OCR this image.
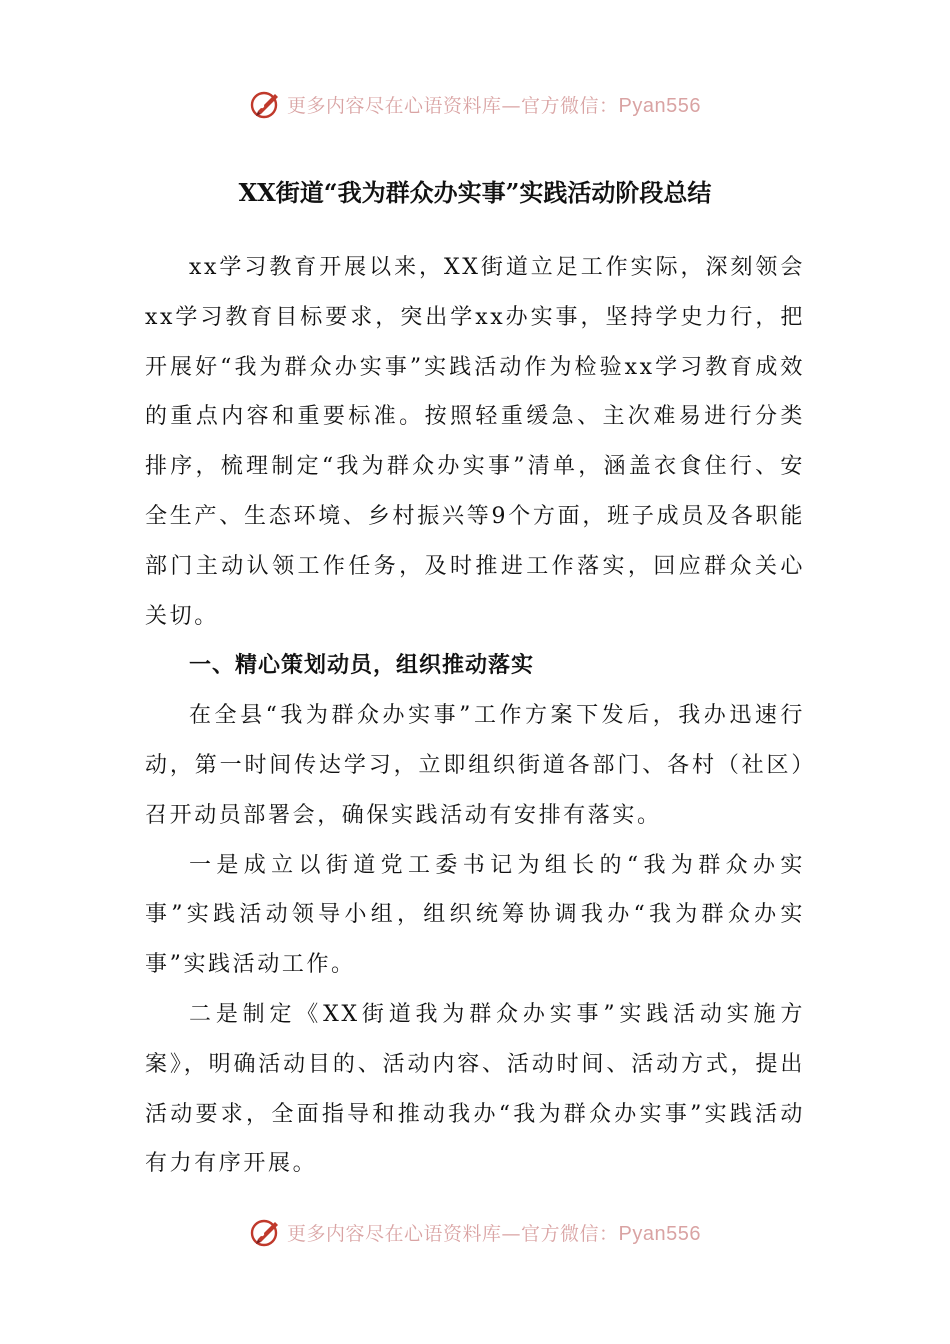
更多内容尽在心语资料库—官方微信：Pyan556
XX街道“我为群众办实事”实践活动阶段总结

xx学习教育开展以来，XX街道立足工作实际，深刻领会xx学习教育目标要求，突出学xx办实事，坚持学史力行，把开展好“我为群众办实事”实践活动作为检验xx学习教育成效的重点内容和重要标准。按照轻重缓急、主次难易进行分类排序，梳理制定“我为群众办实事”清单，涵盖衣食住行、安全生产、生态环境、乡村振兴等9个方面，班子成员及各职能部门主动认领工作任务，及时推进工作落实，回应群众关心关切。

一、精心策划动员，组织推动落实

在全县“我为群众办实事”工作方案下发后，我办迅速行动，第一时间传达学习，立即组织街道各部门、各村（社区）召开动员部署会，确保实践活动有安排有落实。

一是成立以街道党工委书记为组长的“我为群众办实事”实践活动领导小组，组织统筹协调我办“我为群众办实事”实践活动工作。

二是制定《XX街道我为群众办实事”实践活动实施方案》，明确活动目的、活动内容、活动时间、活动方式，提出活动要求，全面指导和推动我办“我为群众办实事”实践活动有力有序开展。

更多内容尽在心语资料库—官方微信：Pyan556
